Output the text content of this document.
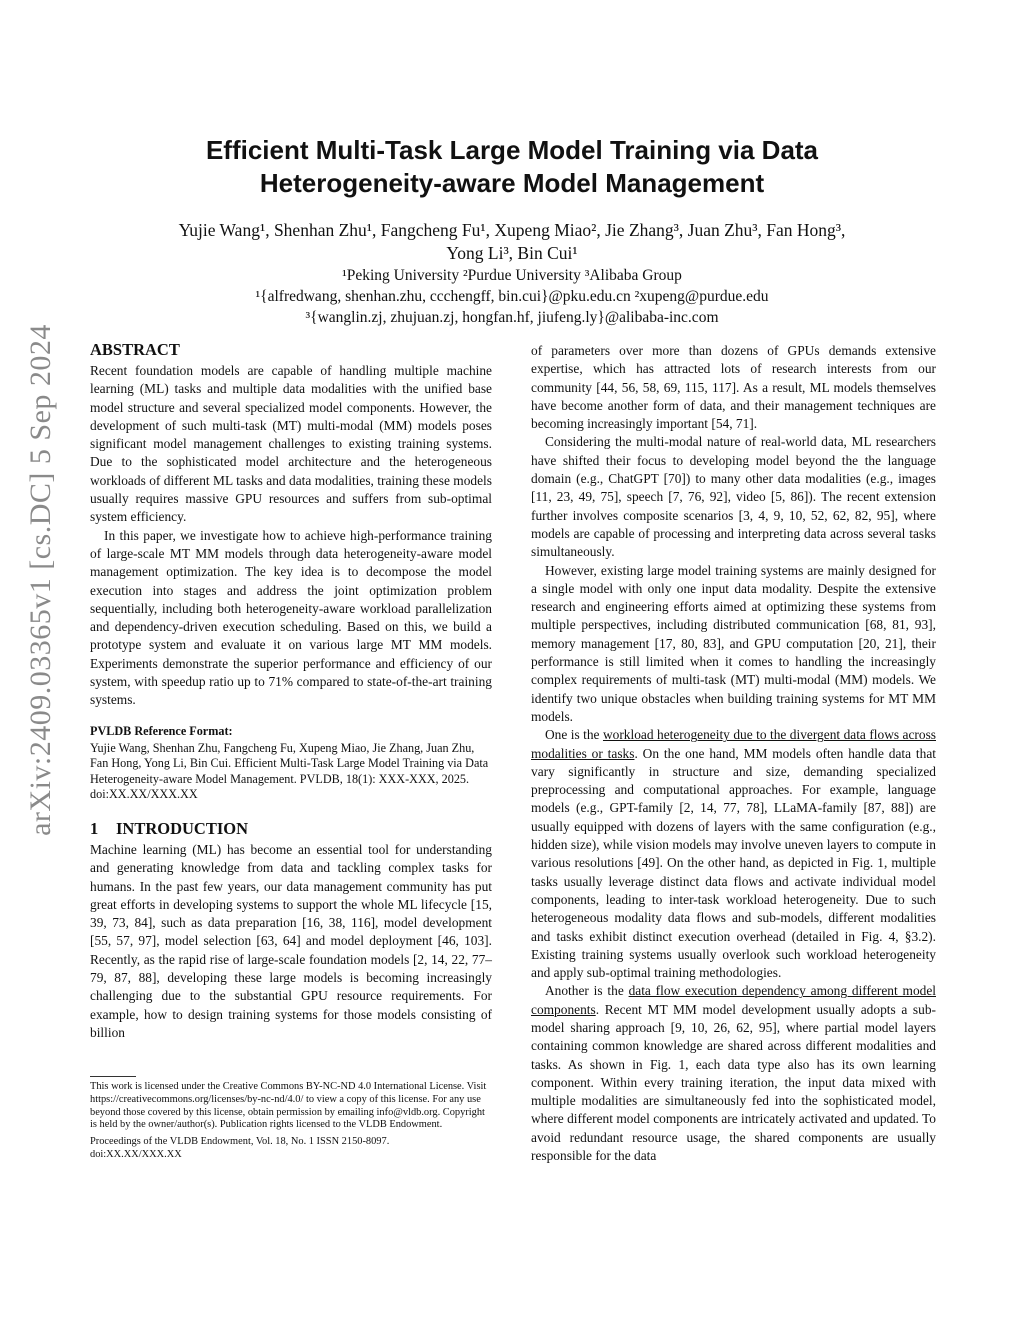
arXiv:2409.03365v1 [cs.DC] 5 Sep 2024
Efficient Multi-Task Large Model Training via Data
Heterogeneity-aware Model Management
Yujie Wang¹, Shenhan Zhu¹, Fangcheng Fu¹, Xupeng Miao², Jie Zhang³, Juan Zhu³, Fan Hong³,
Yong Li³, Bin Cui¹
¹Peking University ²Purdue University ³Alibaba Group
¹{alfredwang, shenhan.zhu, ccchengff, bin.cui}@pku.edu.cn ²xupeng@purdue.edu
³{wanglin.zj, zhujuan.zj, hongfan.hf, jiufeng.ly}@alibaba-inc.com
ABSTRACT

Recent foundation models are capable of handling multiple machine learning (ML) tasks and multiple data modalities with the unified base model structure and several specialized model components. However, the development of such multi-task (MT) multi-modal (MM) models poses significant model management challenges to existing training systems. Due to the sophisticated model architecture and the heterogeneous workloads of different ML tasks and data modalities, training these models usually requires massive GPU resources and suffers from sub-optimal system efficiency.

In this paper, we investigate how to achieve high-performance training of large-scale MT MM models through data heterogeneity-aware model management optimization. The key idea is to decompose the model execution into stages and address the joint optimization problem sequentially, including both heterogeneity-aware workload parallelization and dependency-driven execution scheduling. Based on this, we build a prototype system and evaluate it on various large MT MM models. Experiments demonstrate the superior performance and efficiency of our system, with speedup ratio up to 71% compared to state-of-the-art training systems.

PVLDB Reference Format:
Yujie Wang, Shenhan Zhu, Fangcheng Fu, Xupeng Miao, Jie Zhang, Juan Zhu, Fan Hong, Yong Li, Bin Cui. Efficient Multi-Task Large Model Training via Data Heterogeneity-aware Model Management. PVLDB, 18(1): XXX-XXX, 2025.
doi:XX.XX/XXX.XX
1 INTRODUCTION

Machine learning (ML) has become an essential tool for understanding and generating knowledge from data and tackling complex tasks for humans. In the past few years, our data management community has put great efforts in developing systems to support the whole ML lifecycle [15, 39, 73, 84], such as data preparation [16, 38, 116], model development [55, 57, 97], model selection [63, 64] and model deployment [46, 103]. Recently, as the rapid rise of large-scale foundation models [2, 14, 22, 77–79, 87, 88], developing these large models is becoming increasingly challenging due to the substantial GPU resource requirements. For example, how to design training systems for those models consisting of billion

This work is licensed under the Creative Commons BY-NC-ND 4.0 International License. Visit https://creativecommons.org/licenses/by-nc-nd/4.0/ to view a copy of this license. For any use beyond those covered by this license, obtain permission by emailing info@vldb.org. Copyright is held by the owner/author(s). Publication rights licensed to the VLDB Endowment.

Proceedings of the VLDB Endowment, Vol. 18, No. 1 ISSN 2150-8097.

doi:XX.XX/XXX.XX

of parameters over more than dozens of GPUs demands extensive expertise, which has attracted lots of research interests from our community [44, 56, 58, 69, 115, 117]. As a result, ML models themselves have become another form of data, and their management techniques are becoming increasingly important [54, 71].

Considering the multi-modal nature of real-world data, ML researchers have shifted their focus to developing model beyond the the language domain (e.g., ChatGPT [70]) to many other data modalities (e.g., images [11, 23, 49, 75], speech [7, 76, 92], video [5, 86]). The recent extension further involves composite scenarios [3, 4, 9, 10, 52, 62, 82, 95], where models are capable of processing and interpreting data across several tasks simultaneously.

However, existing large model training systems are mainly designed for a single model with only one input data modality. Despite the extensive research and engineering efforts aimed at optimizing these systems from multiple perspectives, including distributed communication [68, 81, 93], memory management [17, 80, 83], and GPU computation [20, 21], their performance is still limited when it comes to handling the increasingly complex requirements of multi-task (MT) multi-modal (MM) models. We identify two unique obstacles when building training systems for MT MM models.

One is the workload heterogeneity due to the divergent data flows across modalities or tasks. On the one hand, MM models often handle data that vary significantly in structure and size, demanding specialized preprocessing and computational approaches. For example, language models (e.g., GPT-family [2, 14, 77, 78], LLaMA-family [87, 88]) are usually equipped with dozens of layers with the same configuration (e.g., hidden size), while vision models may involve uneven layers to compute in various resolutions [49]. On the other hand, as depicted in Fig. 1, multiple tasks usually leverage distinct data flows and activate individual model components, leading to inter-task workload heterogeneity. Due to such heterogeneous modality data flows and sub-models, different modalities and tasks exhibit distinct execution overhead (detailed in Fig. 4, §3.2). Existing training systems usually overlook such workload heterogeneity and apply sub-optimal training methodologies.

Another is the data flow execution dependency among different model components. Recent MT MM model development usually adopts a sub-model sharing approach [9, 10, 26, 62, 95], where partial model layers containing common knowledge are shared across different modalities and tasks. As shown in Fig. 1, each data type also has its own learning component. Within every training iteration, the input data mixed with multiple modalities are simultaneously fed into the sophisticated model, where different model components are intricately activated and updated. To avoid redundant resource usage, the shared components are usually responsible for the data
